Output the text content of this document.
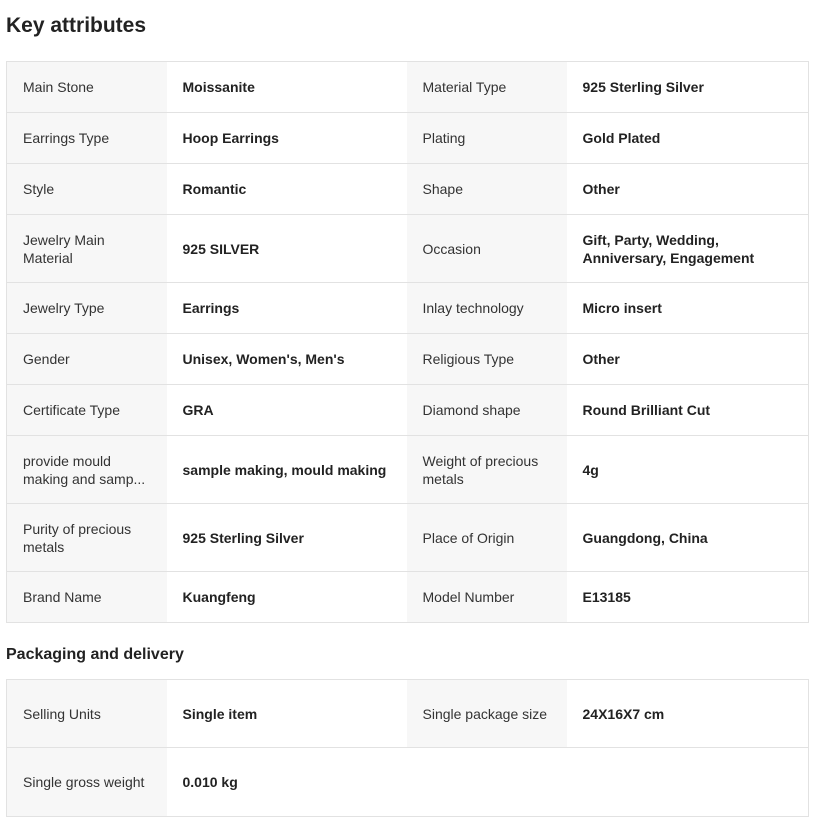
Key attributes
Main Stone	Moissanite	Material Type	925 Sterling Silver
Earrings Type	Hoop Earrings	Plating	Gold Plated
Style	Romantic	Shape	Other
Jewelry Main Material	925 SILVER	Occasion	Gift, Party, Wedding, Anniversary, Engagement
Jewelry Type	Earrings	Inlay technology	Micro insert
Gender	Unisex, Women's, Men's	Religious Type	Other
Certificate Type	GRA	Diamond shape	Round Brilliant Cut

provide mould making and samp...	sample making, mould making	Weight of precious metals	4g
Purity of precious metals	925 Sterling Silver	Place of Origin	Guangdong, China
Brand Name	Kuangfeng	Model Number	E13185
Packaging and delivery
Selling Units	Single item	Single package size	24X16X7 cm
Single gross weight	0.010 kg		
